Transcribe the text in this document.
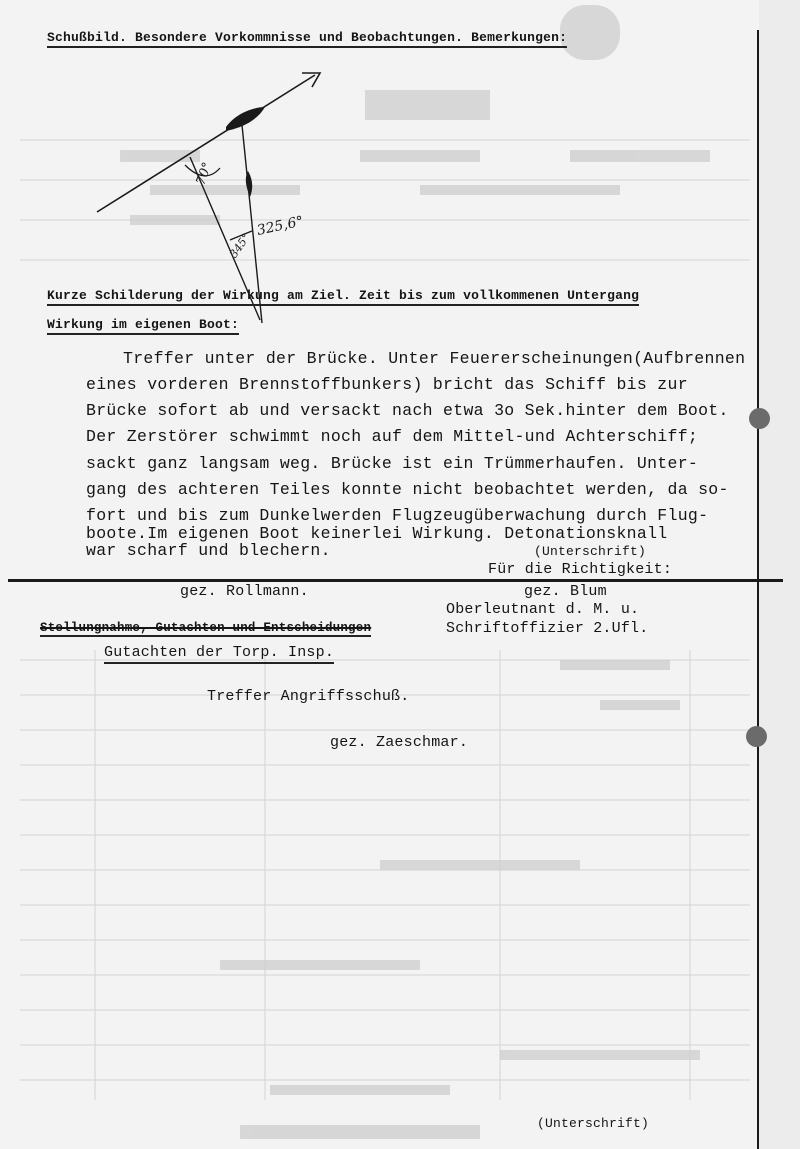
Schußbild. Besondere Vorkommnisse und Beobachtungen. Bemerkungen:
70°
345°
325,6°
Kurze Schilderung der Wirkung am Ziel. Zeit bis zum vollkommenen Untergang
Wirkung im eigenen Boot:
Treffer unter der Brücke. Unter Feuererscheinungen(Aufbrennen
eines vorderen Brennstoffbunkers) bricht das Schiff bis zur
Brücke sofort ab und versackt nach etwa 3o Sek.hinter dem Boot.
Der Zerstörer schwimmt noch auf dem Mittel-und Achterschiff;
sackt ganz langsam weg. Brücke ist ein Trümmerhaufen. Unter-
gang des achteren Teiles konnte nicht beobachtet werden, da so-
fort und bis zum Dunkelwerden Flugzeugüberwachung durch Flug-
boote.Im eigenen Boot keinerlei Wirkung. Detonationsknall
war scharf und blechern.	(Unterschrift)
Für die Richtigkeit:
gez. Rollmann.	gez. Blum
Oberleutnant d. M. u.
Schriftoffizier 2.Ufl.
Stellungnahme, Gutachten und Entscheidungen
Gutachten der Torp. Insp.
Treffer Angriffsschuß.
gez. Zaeschmar.
(Unterschrift)
